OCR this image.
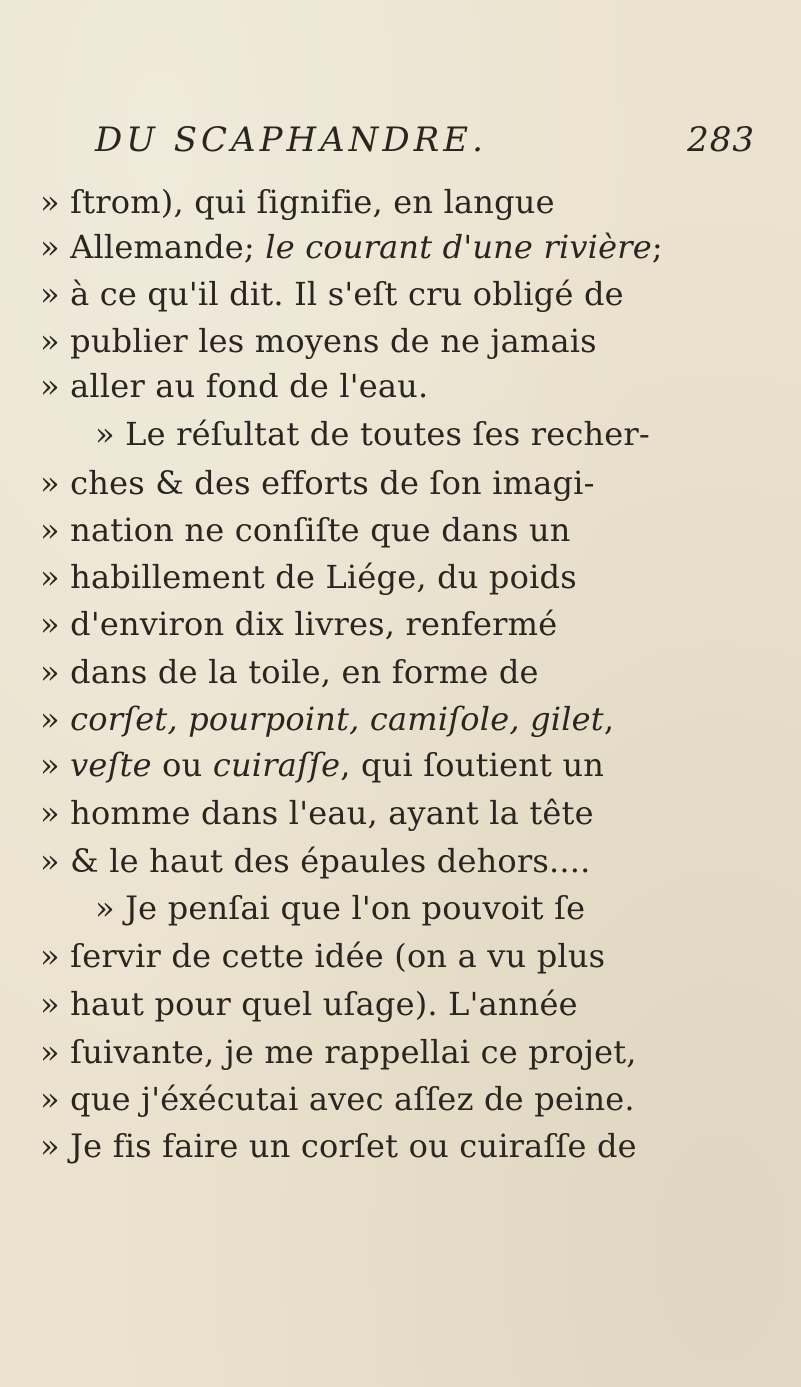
DU SCAPHANDRE.	283
» ſtrom), qui ſignifie, en langue
» Allemande; le courant d'une rivière;
» à ce qu'il dit. Il s'eſt cru obligé de
» publier les moyens de ne jamais
» aller au fond de l'eau.
» Le réſultat de toutes ſes recher-
» ches & des efforts de ſon imagi-
» nation ne conſiſte que dans un
» habillement de Liége, du poids
» d'environ dix livres, renfermé
» dans de la toile, en forme de
» corſet, pourpoint, camiſole, gilet,
» veſte ou cuiraſſe, qui ſoutient un
» homme dans l'eau, ayant la tête
» & le haut des épaules dehors....
» Je penſai que l'on pouvoit ſe
» ſervir de cette idée (on a vu plus
» haut pour quel uſage). L'année
» ſuivante, je me rappellai ce projet,
» que j'éxécutai avec aſſez de peine.
» Je fis faire un corſet ou cuiraſſe de
